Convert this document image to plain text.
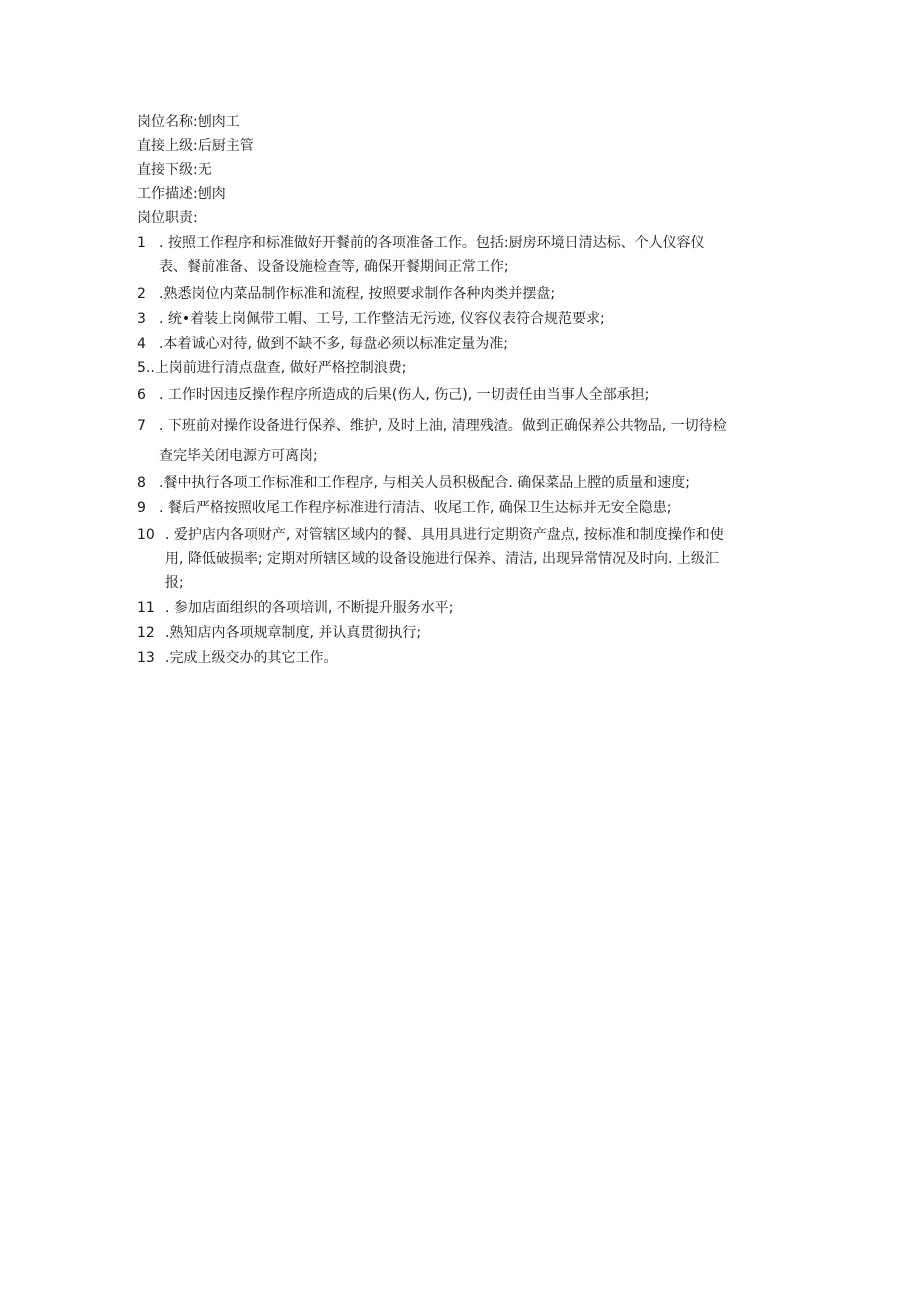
岗位名称:刨肉工
直接上级:后厨主管
直接下级:无
工作描述:刨肉
岗位职责:
1 . 按照工作程序和标准做好开餐前的各项准备工作。包括:厨房环境日清达标、个人仪容仪表、餐前准备、设备设施检查等, 确保开餐期间正常工作;
2 .熟悉岗位内菜品制作标准和流程, 按照要求制作各种肉类并摆盘;
3 . 统•着装上岗佩带工帽、工号, 工作整洁无污迹, 仪容仪表符合规范要求;
4 .本着诚心对待, 做到不缺不多, 每盘必须以标准定量为准;
5.. 上岗前进行清点盘查, 做好严格控制浪费;
6 . 工作时因违反操作程序所造成的后果(伤人, 伤己), 一切责任由当事人全部承担;
7 . 下班前对操作设备进行保养、维护, 及时上油, 清理残渣。做到正确保养公共物品, 一切待检查完毕关闭电源方可离岗;
8 .餐中执行各项工作标准和工作程序, 与相关人员积极配合. 确保菜品上膛的质量和速度;
9 . 餐后严格按照收尾工作程序标准进行清洁、收尾工作, 确保卫生达标并无安全隐患;
10 . 爱护店内各项财产, 对管辖区域内的餐、具用具进行定期资产盘点, 按标准和制度操作和使用, 降低破损率; 定期对所辖区域的设备设施进行保养、清洁, 出现异常情况及时向. 上级汇报;
11 . 参加店面组织的各项培训, 不断提升服务水平;
12 .熟知店内各项规章制度, 并认真贯彻执行;
13 .完成上级交办的其它工作。
